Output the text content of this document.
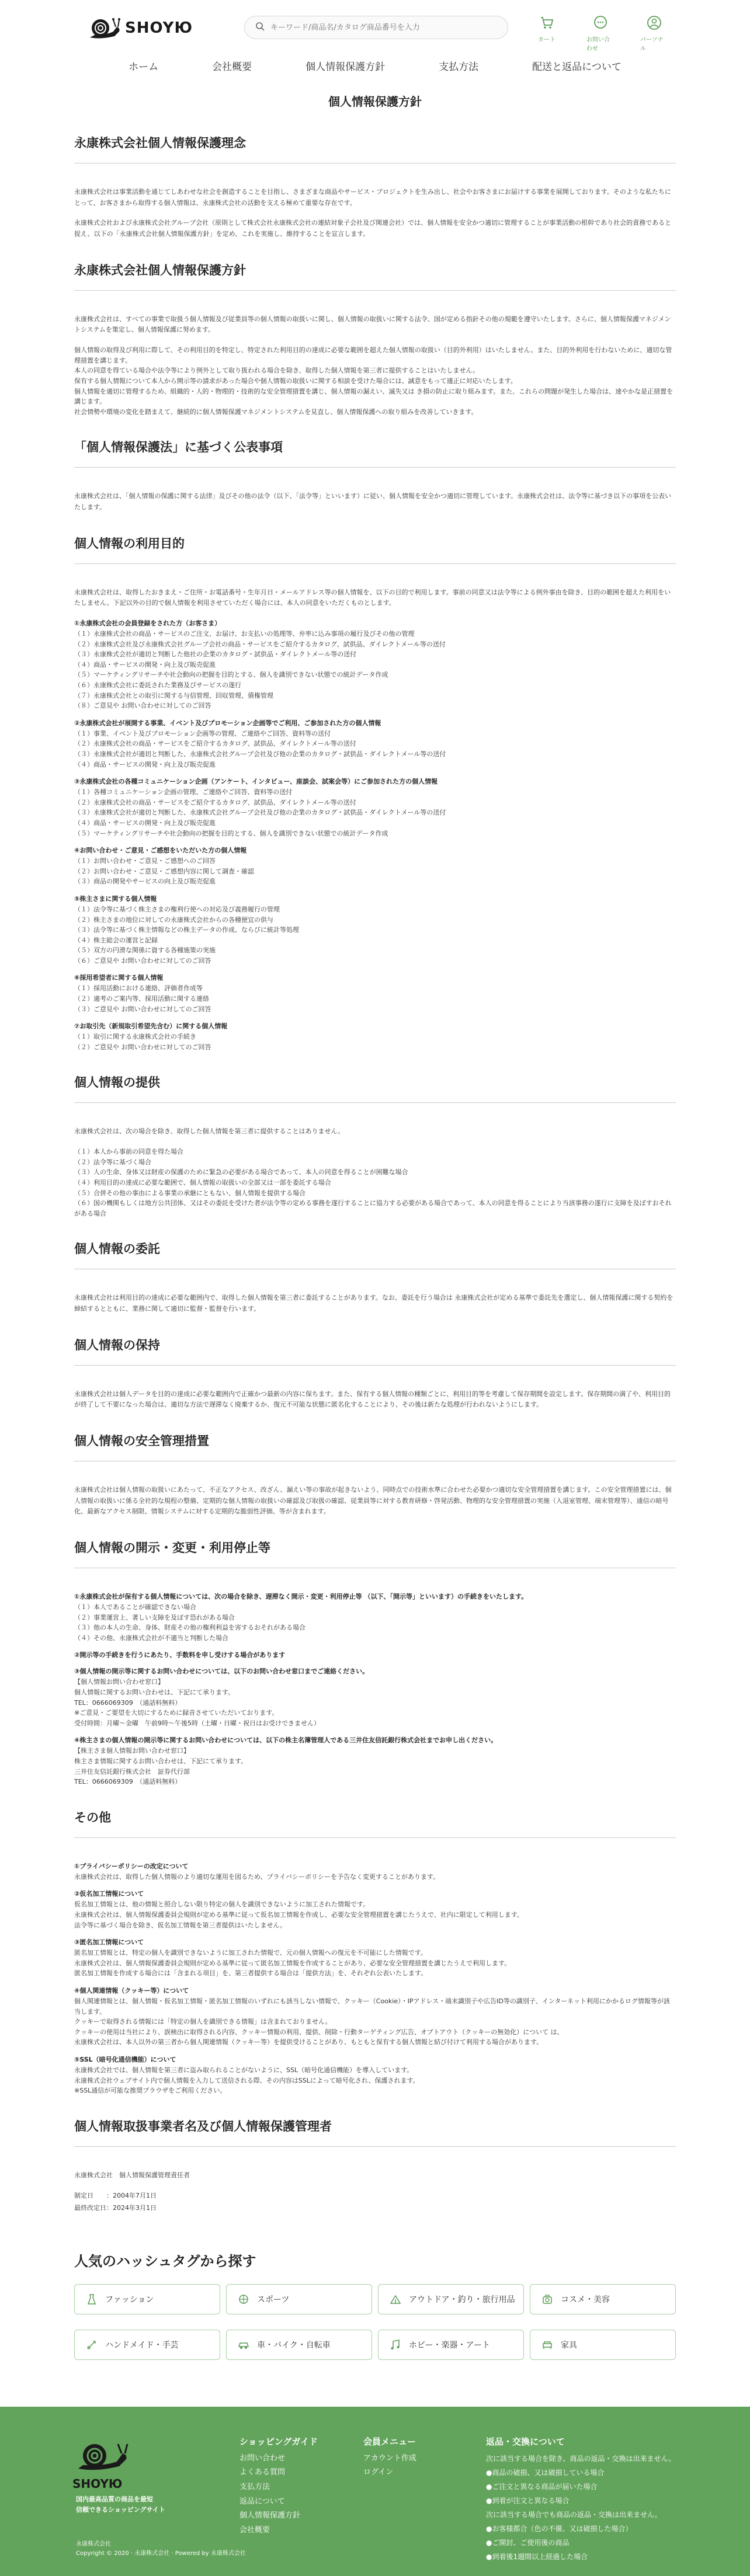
SHOYЮ
キーワード/商品名/カタログ商品番号を入力
カート	お問い合わせ
パーソナル
ホーム	会社概要	個人情報保護方針	支払方法	配送と返品について
個人情報保護方針
永康株式会社個人情報保護理念

永康株式会社は事業活動を通じてしあわせな社会を創造することを目指し、さまざまな商品やサービス・プロジェクトを生み出し、社会やお客さまにお届けする事業を展開しております。そのような私たちにとって、お客さまから取得する個人情報は、永康株式会社の活動を支える極めて重要な存在です。

永康株式会社および永康株式会社グループ会社（原則として株式会社永康株式会社の連結対象子会社及び関連会社）では、個人情報を安全かつ適切に管理することが事業活動の根幹であり社会的責務であると捉え、以下の「永康株式会社個人情報保護方針」を定め、これを実施し、維持することを宣言します。

永康株式会社個人情報保護方針

永康株式会社は、すべての事業で取扱う個人情報及び従業員等の個人情報の取扱いに関し、個人情報の取扱いに関する法令、国が定める指針その他の規範を遵守いたします。さらに、個人情報保護マネジメントシステムを策定し、個人情報保護に努めます。

個人情報の取得及び利用に際して、その利用目的を特定し、特定された利用目的の達成に必要な範囲を超えた個人情報の取扱い（目的外利用）はいたしません。また、目的外利用を行わないために、適切な管理措置を講じます。
本人の同意を得ている場合や法令等により例外として取り扱われる場合を除き、取得した個人情報を第三者に提供することはいたしません。
保有する個人情報について本人から開示等の請求があった場合や個人情報の取扱いに関する相談を受けた場合には、誠意をもって適正に対応いたします。
個人情報を適切に管理するため、組織的・人的・物理的・技術的な安全管理措置を講じ、個人情報の漏えい、滅失又は き損の防止に取り組みます。また、これらの問題が発生した場合は、速やかな是正措置を講じます。
社会情勢や環境の変化を踏まえて、継続的に個人情報保護マネジメントシステムを見直し、個人情報保護への取り組みを改善していきます。
「個人情報保護法」に基づく公表事項

永康株式会社は、「個人情報の保護に関する法律」及びその他の法令（以下、「法令等」といいます）に従い、個人情報を安全かつ適切に管理しています。永康株式会社は、法令等に基づき以下の事項を公表いたします。

個人情報の利用目的

永康株式会社は、取得したおきまえ・ご住所・お電話番号・生年月日・メールアドレス等の個人情報を、以下の目的で利用します。事前の同意又は法令等による例外事由を除き、目的の範囲を超えた利用をいたしません。下記以外の目的で個人情報を利用させていただく場合には、本人の同意をいただくものとします。

①永康株式会社の会員登録をされた方（お客さま）
（１）永康株式会社の商品・サービスのご注文、お届け、お支払いの処理等、弁率に込み事項の履行及びその他の管理
（２）永康株式会社及び永康株式会社グループ会社の商品・サービスをご紹介するカタログ、試供品、ダイレクトメール等の送付
（３）永康株式会社が適切と判断した他社の企業のカタログ・試供品・ダイレクトメール等の送付
（４）商品・サービスの開発・向上及び販売促進
（５）マーケティングリサーチや社会動向の把握を目的とする、個人を識別できない状態での統計データ作成
（６）永康株式会社に委託された業務及びサービスの遂行
（７）永康株式会社との取引に関する与信管理、回収管理、債権管理
（８）ご意見や お問い合わせに対してのご回答
②永康株式会社が展開する事業、イベント及びプロモーション企画等でご利用、ご参加された方の個人情報
（１）事業、イベント及びプロモーション企画等の管理、ご連絡やご回答、資料等の送付
（２）永康株式会社の商品・サービスをご紹介するカタログ、試供品、ダイレクトメール等の送付
（３）永康株式会社が適切と判断した、永康株式会社グループ会社及び他の企業のカタログ・試供品・ダイレクトメール等の送付
（４）商品・サービスの開発・向上及び販売促進
③永康株式会社の各種コミュニケーション企画（アンケート、インタビュー、座談会、試案会等）にご参加された方の個人情報
（１）各種コミュニケーション企画の管理、ご連絡やご回答、資料等の送付
（２）永康株式会社の商品・サービスをご紹介するカタログ、試供品、ダイレクトメール等の送付
（３）永康株式会社が適切と判断した、永康株式会社グループ会社及び他の企業のカタログ・試供品・ダイレクトメール等の送付
（４）商品・サービスの開発・向上及び販売促進
（５）マーケティングリサーチや社会動向の把握を目的とする、個人を識別できない状態での統計データ作成
④お問い合わせ・ご意見・ご感想をいただいた方の個人情報
（１）お問い合わせ・ご意見・ご感想へのご回答
（２）お問い合わせ・ご意見・ご感想内容に関して調査・確認
（３）商品の開発やサービスの向上及び販売促進
⑤株主さまに関する個人情報
（１）法令等に基づく株主さまの権利行使への対応及び義務履行の管理
（２）株主さまの地位に対しての永康株式会社からの各種便宜の供与
（３）法令等に基づく株主情報などの株主データの作成、ならびに統計等処理
（４）株主総会の運営と記録
（５）双方の円滑な関係に資する各種施策の実施
（６）ご意見や お問い合わせに対してのご回答
⑥採用希望者に関する個人情報
（１）採用活動における連絡、評価者作成等
（２）適考のご案内等、採用活動に関する連絡
（３）ご意見や お問い合わせに対してのご回答
⑦お取引先（新規取引希望先含む）に関する個人情報
（１）取引に関する永康株式会社の手続き
（２）ご意見や お問い合わせに対してのご回答
個人情報の提供

永康株式会社は、次の場合を除き、取得した個人情報を第三者に提供することはありません。

（１）本人から事前の同意を得た場合
（２）法令等に基づく場合
（３）人の生命、身体又は財産の保護のために緊急の必要がある場合であって、本人の同意を得ることが困難な場合
（４）利用目的の達成に必要な範囲で、個人情報の取扱いの全部又は一部を委託する場合
（５）合併その他の事由による事業の承継にともない、個人情報を提供する場合
（６）国の機関もしくは地方公共団体、又はその委託を受けた者が法令等の定める事務を遂行することに協力する必要がある場合であって、本人の同意を得ることにより当該事務の遂行に支障を及ぼすおそれがある場合
個人情報の委託

永康株式会社は利用目的の達成に必要な範囲内で、取得した個人情報を第三者に委託することがあります。なお、委託を行う場合は 永康株式会社が定める基準で委託先を選定し、個人情報保護に関する契約を締結するとともに、業務に関して適切に監督・監督を行います。

個人情報の保持

永康株式会社は個人データを目的の達成に必要な範囲内で正確かつ最新の内容に保ちます。また、保有する個人情報の種類ごとに、利用目的等を考慮して保存期間を設定します。保存期間の満了や、利用目的が終了して不要になった場合は、適切な方法で遅滞なく廃棄するか、復元不可能な状態に匿名化することにより、その後は新たな処理が行われないようにします。

個人情報の安全管理措置

永康株式会社は個人情報の取扱いにあたって、不正なアクセス、改ざん、漏えい等の事故が起きないよう、同時点での技術水準に合わせた必要かつ適切な安全管理措置を講じます。この安全管理措置には、個人情報の取扱いに係る全社的な規程の整備、定期的な個人情報の取扱いの確認及び取扱の確認、従業員等に対する教育研修・啓発活動、物理的な安全管理措置の実施（入退室管理、端末管理等）、通信の暗号化、最新なアクセス制限、情報システムに対する定期的な脆弱性評価、等が含まれます。

個人情報の開示・変更・利用停止等
①永康株式会社が保有する個人情報については、次の場合を除き、遅滞なく開示・変更・利用停止等 （以下、「開示等」といいます）の手続きをいたします。
（１）本人であることが確認できない場合
（２）事業運営上、著しい支障を及ぼす恐れがある場合
（３）他の本人の生命、身体、財産その他の権利利益を害するおそれがある場合
（４）その他、永康株式会社が不適当と判断した場合
②開示等の手続きを行うにあたり、手数料を申し受けする場合があります
③個人情報の開示等に関するお問い合わせについては、以下のお問い合わせ窓口までご連絡ください。
【個人情報お問い合わせ窓口】
個人情報に関するお問い合わせは、下記にて承ります。
TEL：0666069309　（通話料無料）
※ご意見・ご要望を大切にするために録音させていただいております。
受付時間：月曜～金曜　午前9時～午後5時（土曜・日曜・祝日はお受けできません）
④株主さまの個人情報の開示等に関するお問い合わせについては、以下の株主名簿管理人である三井住友信託銀行株式会社までお申し出ください。
【株主さま個人情報お問い合わせ窓口】
株主さま情報に関するお問い合わせは、下記にて承ります。
三井住友信託銀行株式会社　証券代行部
TEL：0666069309　（通話料無料）
その他
①プライバシーポリシーの改定について
永康株式会社は、取得した個人情報のより適切な運用を図るため、プライバシーポリシーを予告なく変更することがあります。
②仮名加工情報について
仮名加工情報とは、他の情報と照合しない限り特定の個人を識別できないように加工された情報です。
永康株式会社は、個人情報保護委員会規則が定める基準に従って仮名加工情報を作成し、必要な安全管理措置を講じたうえで、社内に限定して利用します。
法令等に基づく場合を除き、仮名加工情報を第三者提供はいたしません。
③匿名加工情報について
匿名加工情報とは、特定の個人を識別できないように加工された情報で、元の個人情報への復元を不可能にした情報です。
永康株式会社は、個人情報保護委員会規則が定める基準に従って匿名加工情報を作成することがあり、必要な安全管理措置を講じたうえで利用します。
匿名加工情報を作成する場合には「含まれる項目」を、第三者提供する場合は「提供方法」を、それぞれ公表いたします。
④個人関連情報（クッキー等）について
個人関連情報とは、個人情報・仮名加工情報・匿名加工情報のいずれにも該当しない情報で、クッキー（Cookie）・IPアドレス・端末識別子や広告ID等の識別子、インターネット利用にかかるログ情報等が該当します。
クッキーで取得される情報には「特定の個人を識別できる情報」は含まれておりません。
クッキーの使用は当社により、誤検出に取得される内容、クッキー情報の利用、提供、削除・行動ターゲティング広告、オプトアウト（クッキーの無効化）について は、
永康株式会社は、本人以外の第三者から個人関連情報（クッキー等）を提供受けることがあり、もともと保有する個人情報と結び付けて利用する場合があります。
⑤SSL（暗号化通信機能）について
永康株式会社では、個人情報を第三者に盗み取られることがないように、SSL（暗号化通信機能）を導入しています。
永康株式会社ウェブサイト内で個人情報を入力して送信される際、その内容はSSLによって暗号化され、保護されます。
※SSL通信が可能な推奨ブラウザをご利用ください。
個人情報取扱事業者名及び個人情報保護管理者

永康株式会社　個人情報保護管理責任者

制定日　　：2004年7月1日
最終改定日：2024年3月1日
人気のハッシュタグから探す
ファッション	スポーツ	アウトドア・釣り・旅行用品	コスメ・美容
ハンドメイド・手芸	車・バイク・自転車	ホビー・楽器・アート	家具
SHOYЮ
国内最高品質の商品を最短
信頼できるショッピングサイト
ショッピングガイド
お問い合わせ
よくある質問
支払方法
返品について
個人情報保護方針
会社概要
会員メニュー
アカウント作成
ログイン
返品・交換について
次に該当する場合を除き、商品の返品・交換は出来ません。
●商品の破損、又は破損している場合
●ご注文と異なる商品が届いた場合
●到着が注文と異なる場合
次に該当する場合でも商品の返品・交換は出来ません。
●お客様都合（色の不備、又は破損した場合）
●ご開封、ご使用後の商品
●到着後1週間以上経過した場合
永康株式会社
Copyright © 2020 · 永康株式会社 · Powered by 永康株式会社
